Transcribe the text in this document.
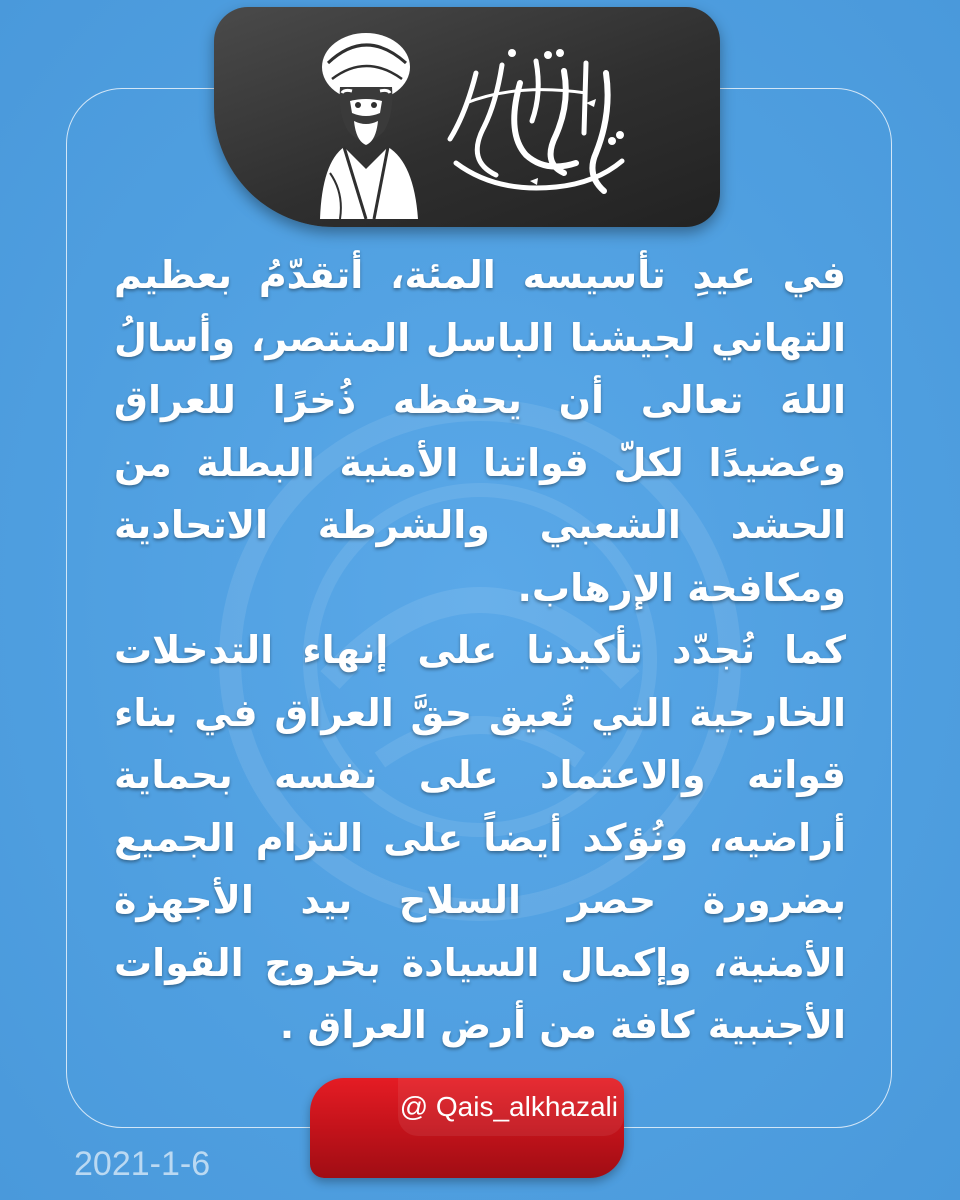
في عيدِ تأسيسه المئة، أتقدّمُ بعظيم التهاني لجيشنا الباسل المنتصر، وأسالُ اللهَ تعالى أن يحفظه ذُخرًا للعراق وعضيدًا لكلّ قواتنا الأمنية البطلة من الحشد الشعبي والشرطة الاتحادية ومكافحة الإرهاب.

كما نُجدّد تأكيدنا على إنهاء التدخلات الخارجية التي تُعيق حقَّ العراق في بناء قواته والاعتماد على نفسه بحماية أراضيه، ونُؤكد أيضاً على التزام الجميع بضرورة حصر السلاح بيد الأجهزة الأمنية، وإكمال السيادة بخروج القوات الأجنبية كافة من أرض العراق .

@ Qais_alkhazali
2021-1-6
